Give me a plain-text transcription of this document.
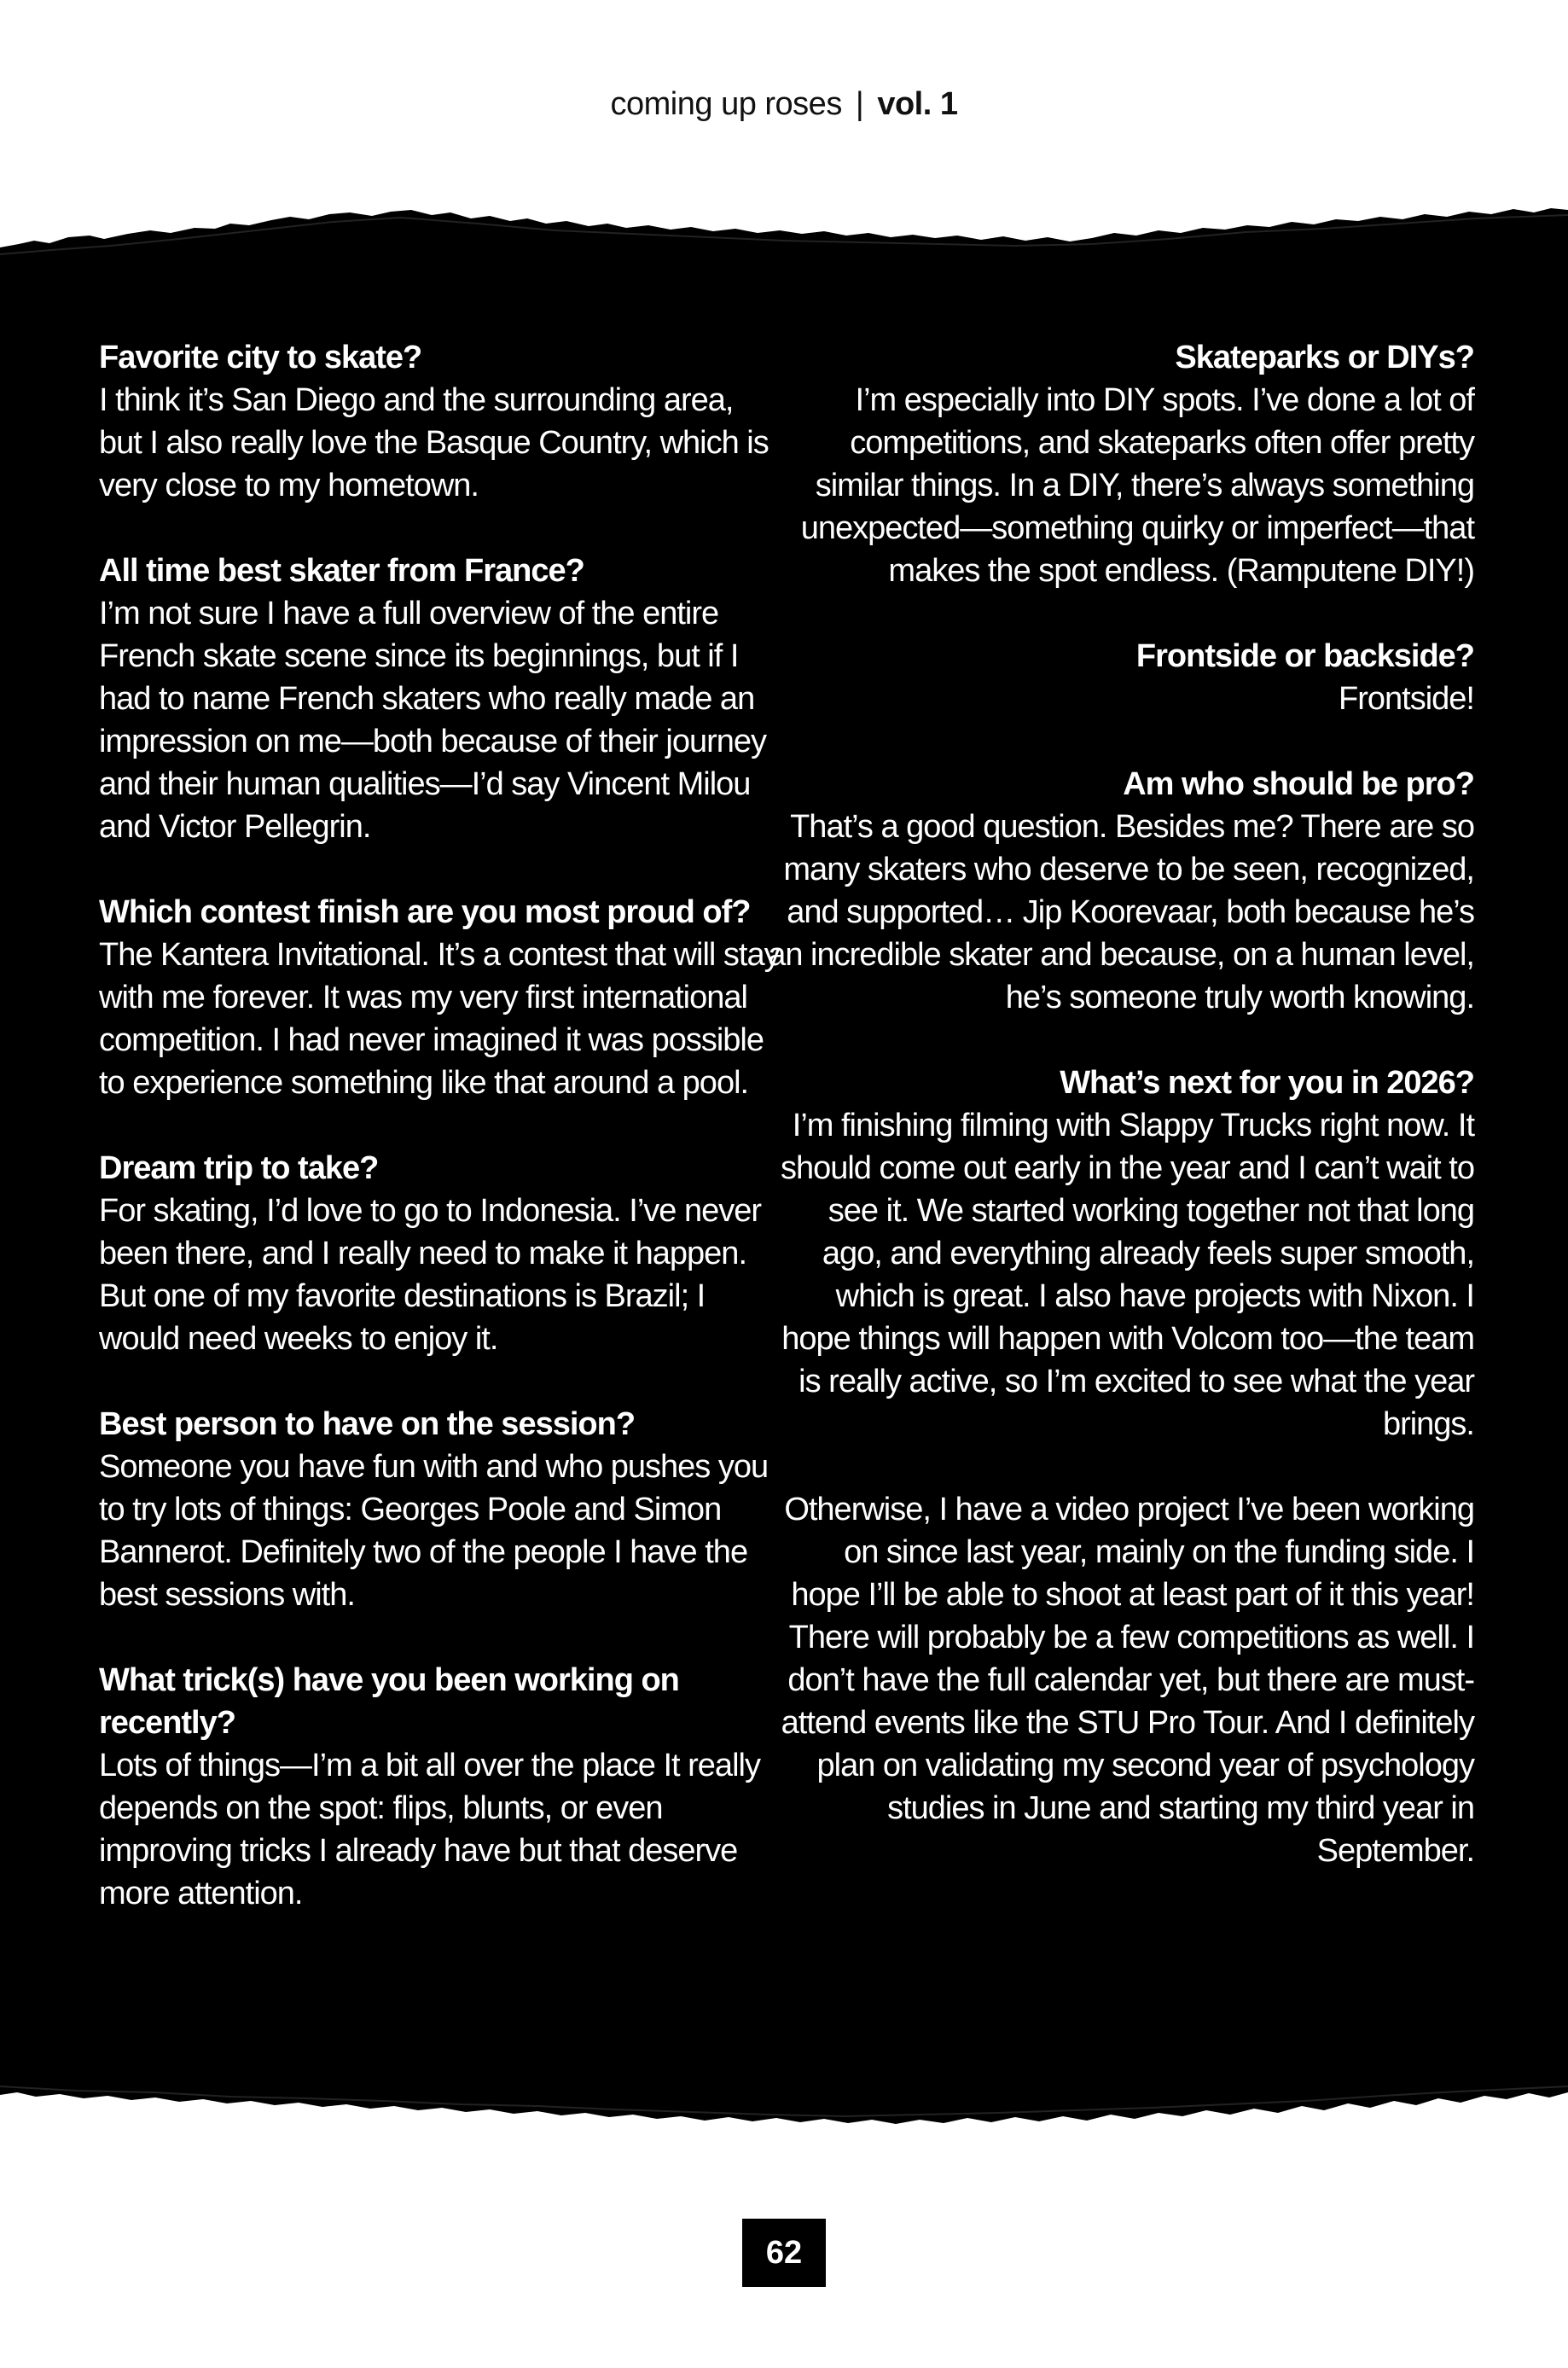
coming up roses | vol. 1

Favorite city to skate?

I think it’s San Diego and the surrounding area, but I also really love the Basque Country, which is very close to my hometown.

All time best skater from France?

I’m not sure I have a full overview of the entire French skate scene since its beginnings, but if I had to name French skaters who really made an impression on me—both because of their journey and their human qualities—I’d say Vincent Milou and Victor Pellegrin.

Which contest finish are you most proud of?

The Kantera Invitational. It’s a contest that will stay with me forever. It was my very first international competition. I had never imagined it was possible to experience something like that around a pool.

Dream trip to take?

For skating, I’d love to go to Indonesia. I’ve never been there, and I really need to make it happen. But one of my favorite destinations is Brazil; I would need weeks to enjoy it.

Best person to have on the session?

Someone you have fun with and who pushes you to try lots of things: Georges Poole and Simon Bannerot. Definitely two of the people I have the best sessions with.

What trick(s) have you been working on recently?

Lots of things—I’m a bit all over the place It really depends on the spot: flips, blunts, or even improving tricks I already have but that deserve more attention.

Skateparks or DIYs?

I’m especially into DIY spots. I’ve done a lot of competitions, and skateparks often offer pretty similar things. In a DIY, there’s always something unexpected—something quirky or imperfect—that makes the spot endless. (Ramputene DIY!)

Frontside or backside?

Frontside!

Am who should be pro?

That’s a good question. Besides me? There are so many skaters who deserve to be seen, recognized, and supported… Jip Koorevaar, both because he’s an incredible skater and because, on a human level, he’s someone truly worth knowing.

What’s next for you in 2026?

I’m finishing filming with Slappy Trucks right now. It should come out early in the year and I can’t wait to see it. We started working together not that long ago, and everything already feels super smooth, which is great. I also have projects with Nixon. I hope things will happen with Volcom too—the team is really active, so I’m excited to see what the year brings.

Otherwise, I have a video project I’ve been working on since last year, mainly on the funding side. I hope I’ll be able to shoot at least part of it this year! There will probably be a few competitions as well. I don’t have the full calendar yet, but there are must-attend events like the STU Pro Tour. And I definitely plan on validating my second year of psychology studies in June and starting my third year in September.

62
